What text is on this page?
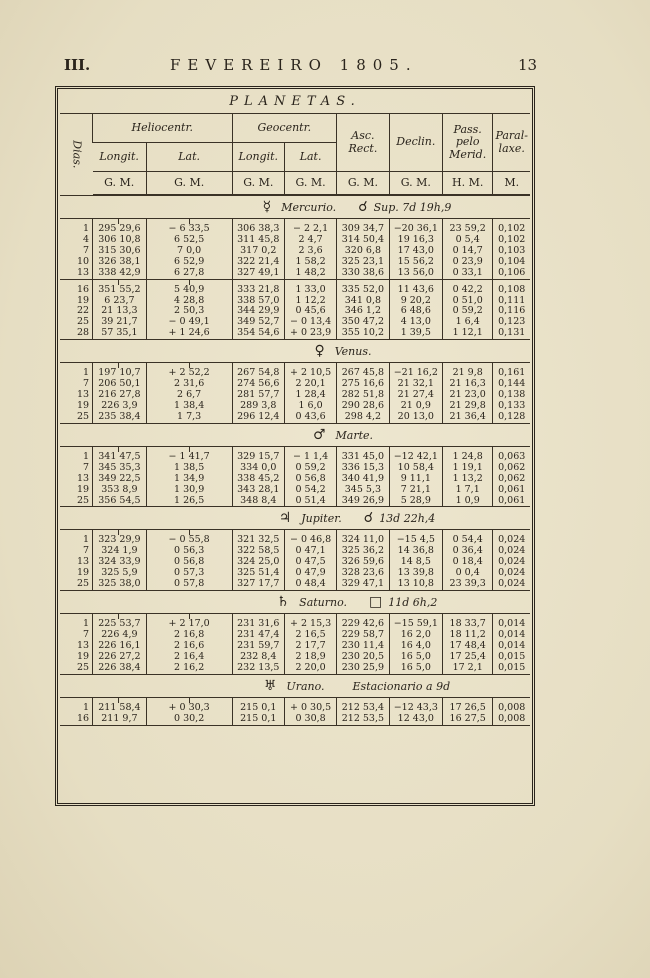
III.	FEVEREIRO 1805.	13
PLANETAS.										
Dias.	Heliocentr.				Geocentr.		Asc. Rect.	Declin.	Pass. pelo Merid.	Paral- laxe.
	Longit.		Lat.		Longit.	Lat.				
	G. M.		G. M.		G. M.	G. M.	G. M.	G. M.	H. M.	M.
☿ Mercurio. ☌ Sup. 7d 19h,9										

1	295 29,6		− 6 33,5		306 38,3	− 2 2,1	309 34,7	−20 36,1	23 59,2	0,102
4	306 10,8		6 52,5		311 45,8	2 4,7	314 50,4	19 16,3	0 5,4	0,102
7	315 30,6		7 0,0		317 0,2	2 3,6	320 6,8	17 43,0	0 14,7	0,103
10	326 38,1		6 52,9		322 21,4	1 58,2	325 23,1	15 56,2	0 23,9	0,104
13	338 42,9		6 27,8		327 49,1	1 48,2	330 38,6	13 56,0	0 33,1	0,106

16	351 55,2		5 40,9		333 21,8	1 33,0	335 52,0	11 43,6	0 42,2	0,108
19	6 23,7		4 28,8		338 57,0	1 12,2	341 0,8	9 20,2	0 51,0	0,111
22	21 13,3		2 50,3		344 29,9	0 45,6	346 1,2	6 48,6	0 59,2	0,116
25	39 21,7		− 0 49,1		349 52,7	− 0 13,4	350 47,2	4 13,0	1 6,4	0,123
28	57 35,1		+ 1 24,6		354 54,6	+ 0 23,9	355 10,2	1 39,5	1 12,1	0,131
♀ Venus.										

1	197 10,7		+ 2 52,2		267 54,8	+ 2 10,5	267 45,8	−21 16,2	21 9,8	0,161
7	206 50,1		2 31,6		274 56,6	2 20,1	275 16,6	21 32,1	21 16,3	0,144
13	216 27,8		2 6,7		281 57,7	1 28,4	282 51,8	21 27,4	21 23,0	0,138
19	226 3,9		1 38,4		289 3,8	1 6,0	290 28,6	21 0,9	21 29,8	0,133
25	235 38,4		1 7,3		296 12,4	0 43,6	298 4,2	20 13,0	21 36,4	0,128
♂ Marte.										

1	341 47,5		− 1 41,7		329 15,7	− 1 1,4	331 45,0	−12 42,1	1 24,8	0,063
7	345 35,3		1 38,5		334 0,0	0 59,2	336 15,3	10 58,4	1 19,1	0,062
13	349 22,5		1 34,9		338 45,2	0 56,8	340 41,9	9 11,1	1 13,2	0,062
19	353 8,9		1 30,9		343 28,1	0 54,2	345 5,3	7 21,1	1 7,1	0,061
25	356 54,5		1 26,5		348 8,4	0 51,4	349 26,9	5 28,9	1 0,9	0,061
♃ Jupiter. ☌ 13d 22h,4										

1	323 29,9		− 0 55,8		321 32,5	− 0 46,8	324 11,0	−15 4,5	0 54,4	0,024
7	324 1,9		0 56,3		322 58,5	0 47,1	325 36,2	14 36,8	0 36,4	0,024
13	324 33,9		0 56,8		324 25,0	0 47,5	326 59,6	14 8,5	0 18,4	0,024
19	325 5,9		0 57,3		325 51,4	0 47,9	328 23,6	13 39,8	0 0,4	0,024
25	325 38,0		0 57,8		327 17,7	0 48,4	329 47,1	13 10,8	23 39,3	0,024
♄ Saturno. □ 11d 6h,2										

1	225 53,7		+ 2 17,0		231 31,6	+ 2 15,3	229 42,6	−15 59,1	18 33,7	0,014
7	226 4,9		2 16,8		231 47,4	2 16,5	229 58,7	16 2,0	18 11,2	0,014
13	226 16,1		2 16,6		231 59,7	2 17,7	230 11,4	16 4,0	17 48,4	0,014
19	226 27,2		2 16,4		232 8,4	2 18,9	230 20,5	16 5,0	17 25,4	0,015
25	226 38,4		2 16,2		232 13,5	2 20,0	230 25,9	16 5,0	17 2,1	0,015
♅ Urano. Estacionario a 9d										

1	211 58,4		+ 0 30,3		215 0,1	+ 0 30,5	212 53,4	−12 43,3	17 26,5	0,008
16	211 9,7		0 30,2		215 0,1	0 30,8	212 53,5	12 43,0	16 27,5	0,008
